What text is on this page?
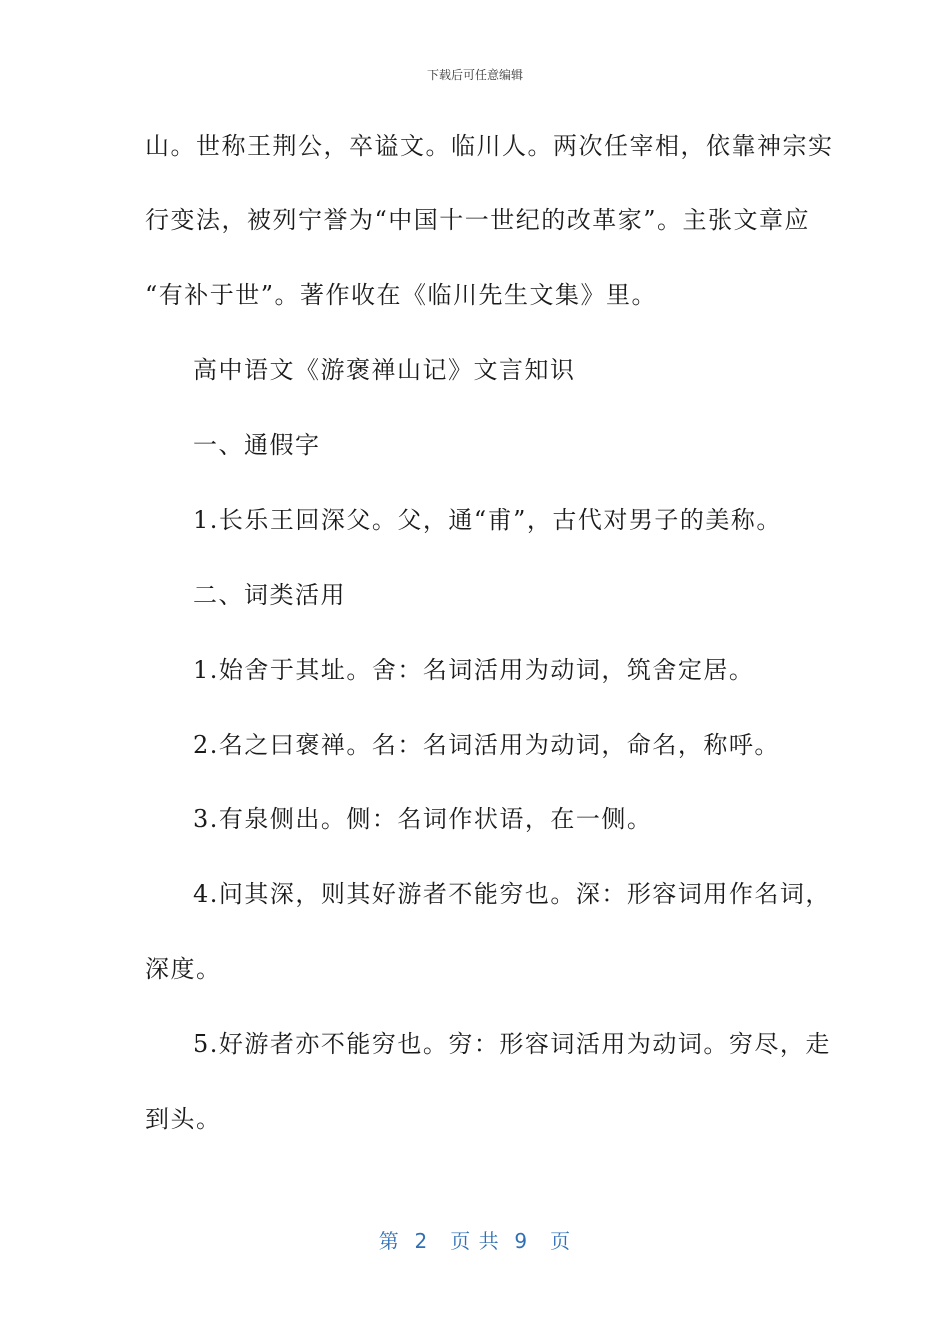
下载后可任意编辑
山。世称王荆公，卒谥文。临川人。两次任宰相，依靠神宗实
行变法，被列宁誉为“中国十一世纪的改革家”。主张文章应
“有补于世”。著作收在《临川先生文集》里。
高中语文《游褒禅山记》文言知识
一、通假字
1.长乐王回深父。父，通“甫”，古代对男子的美称。
二、词类活用
1.始舍于其址。舍：名词活用为动词，筑舍定居。
2.名之曰褒禅。名：名词活用为动词，命名，称呼。
3.有泉侧出。侧：名词作状语，在一侧。
4.问其深，则其好游者不能穷也。深：形容词用作名词，
深度。
5.好游者亦不能穷也。穷：形容词活用为动词。穷尽，走
到头。
第  2   页 共  9   页
